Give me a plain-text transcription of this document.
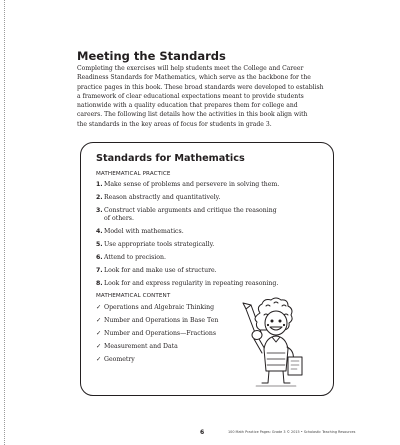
Meeting the Standards

Completing the exercises will help students meet the College and Career
Readiness Standards for Mathematics, which serve as the backbone for the
practice pages in this book. These broad standards were developed to establish
a framework of clear educational expectations meant to provide students
nationwide with a quality education that prepares them for college and
careers. The following list details how the activities in this book align with
the standards in the key areas of focus for students in grade 3.

Standards for Mathematics

MATHEMATICAL PRACTICE

1. Make sense of problems and persevere in solving them.
2. Reason abstractly and quantitatively.
3. Construct viable arguments and critique the reasoning
of others.
4. Model with mathematics.
5. Use appropriate tools strategically.
6. Attend to precision.
7. Look for and make use of structure.
8. Look for and express regularity in repeating reasoning.

MATHEMATICAL CONTENT

✓ Operations and Algebraic Thinking
✓ Number and Operations in Base Ten
✓ Number and Operations—Fractions
✓ Measurement and Data
✓ Geometry

6	100 Math Practice Pages: Grade 3 © 2015 • Scholastic Teaching Resources
